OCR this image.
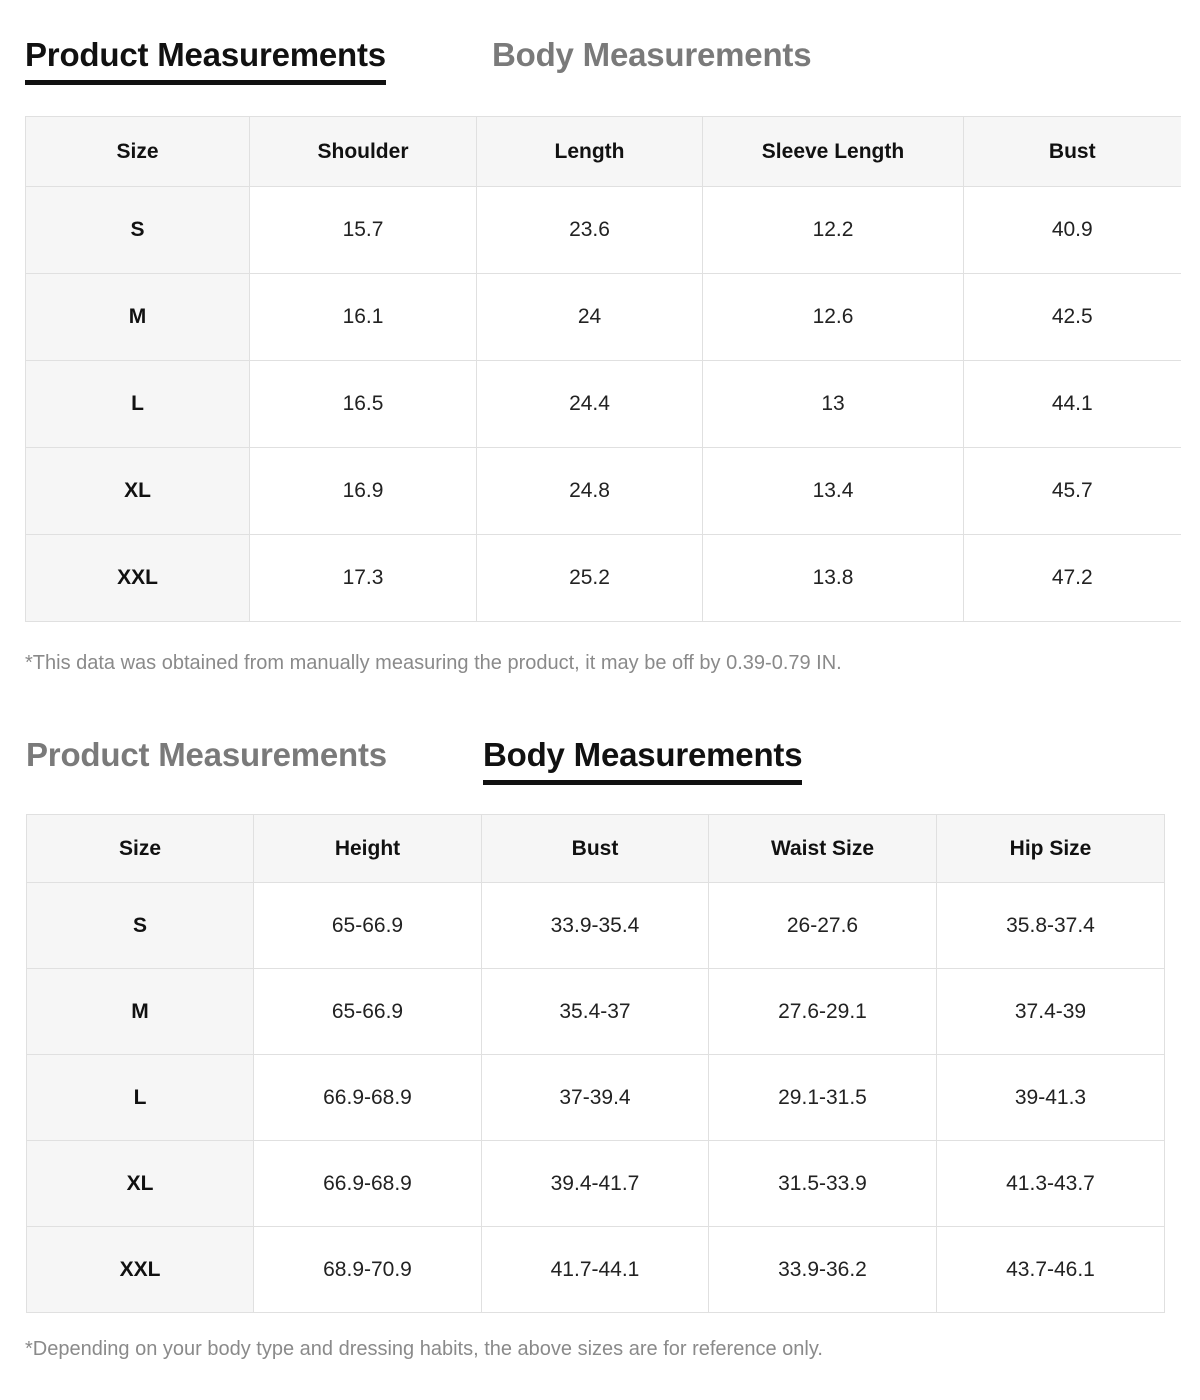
Product Measurements	Body Measurements
Size	Shoulder	Length	Sleeve Length	Bust
S	15.7	23.6	12.2	40.9
M	16.1	24	12.6	42.5
L	16.5	24.4	13	44.1
XL	16.9	24.8	13.4	45.7
XXL	17.3	25.2	13.8	47.2
*This data was obtained from manually measuring the product, it may be off by 0.39-0.79 IN.
Product Measurements	Body Measurements
Size	Height	Bust	Waist Size	Hip Size
S	65-66.9	33.9-35.4	26-27.6	35.8-37.4
M	65-66.9	35.4-37	27.6-29.1	37.4-39
L	66.9-68.9	37-39.4	29.1-31.5	39-41.3
XL	66.9-68.9	39.4-41.7	31.5-33.9	41.3-43.7
XXL	68.9-70.9	41.7-44.1	33.9-36.2	43.7-46.1
*Depending on your body type and dressing habits, the above sizes are for reference only.
